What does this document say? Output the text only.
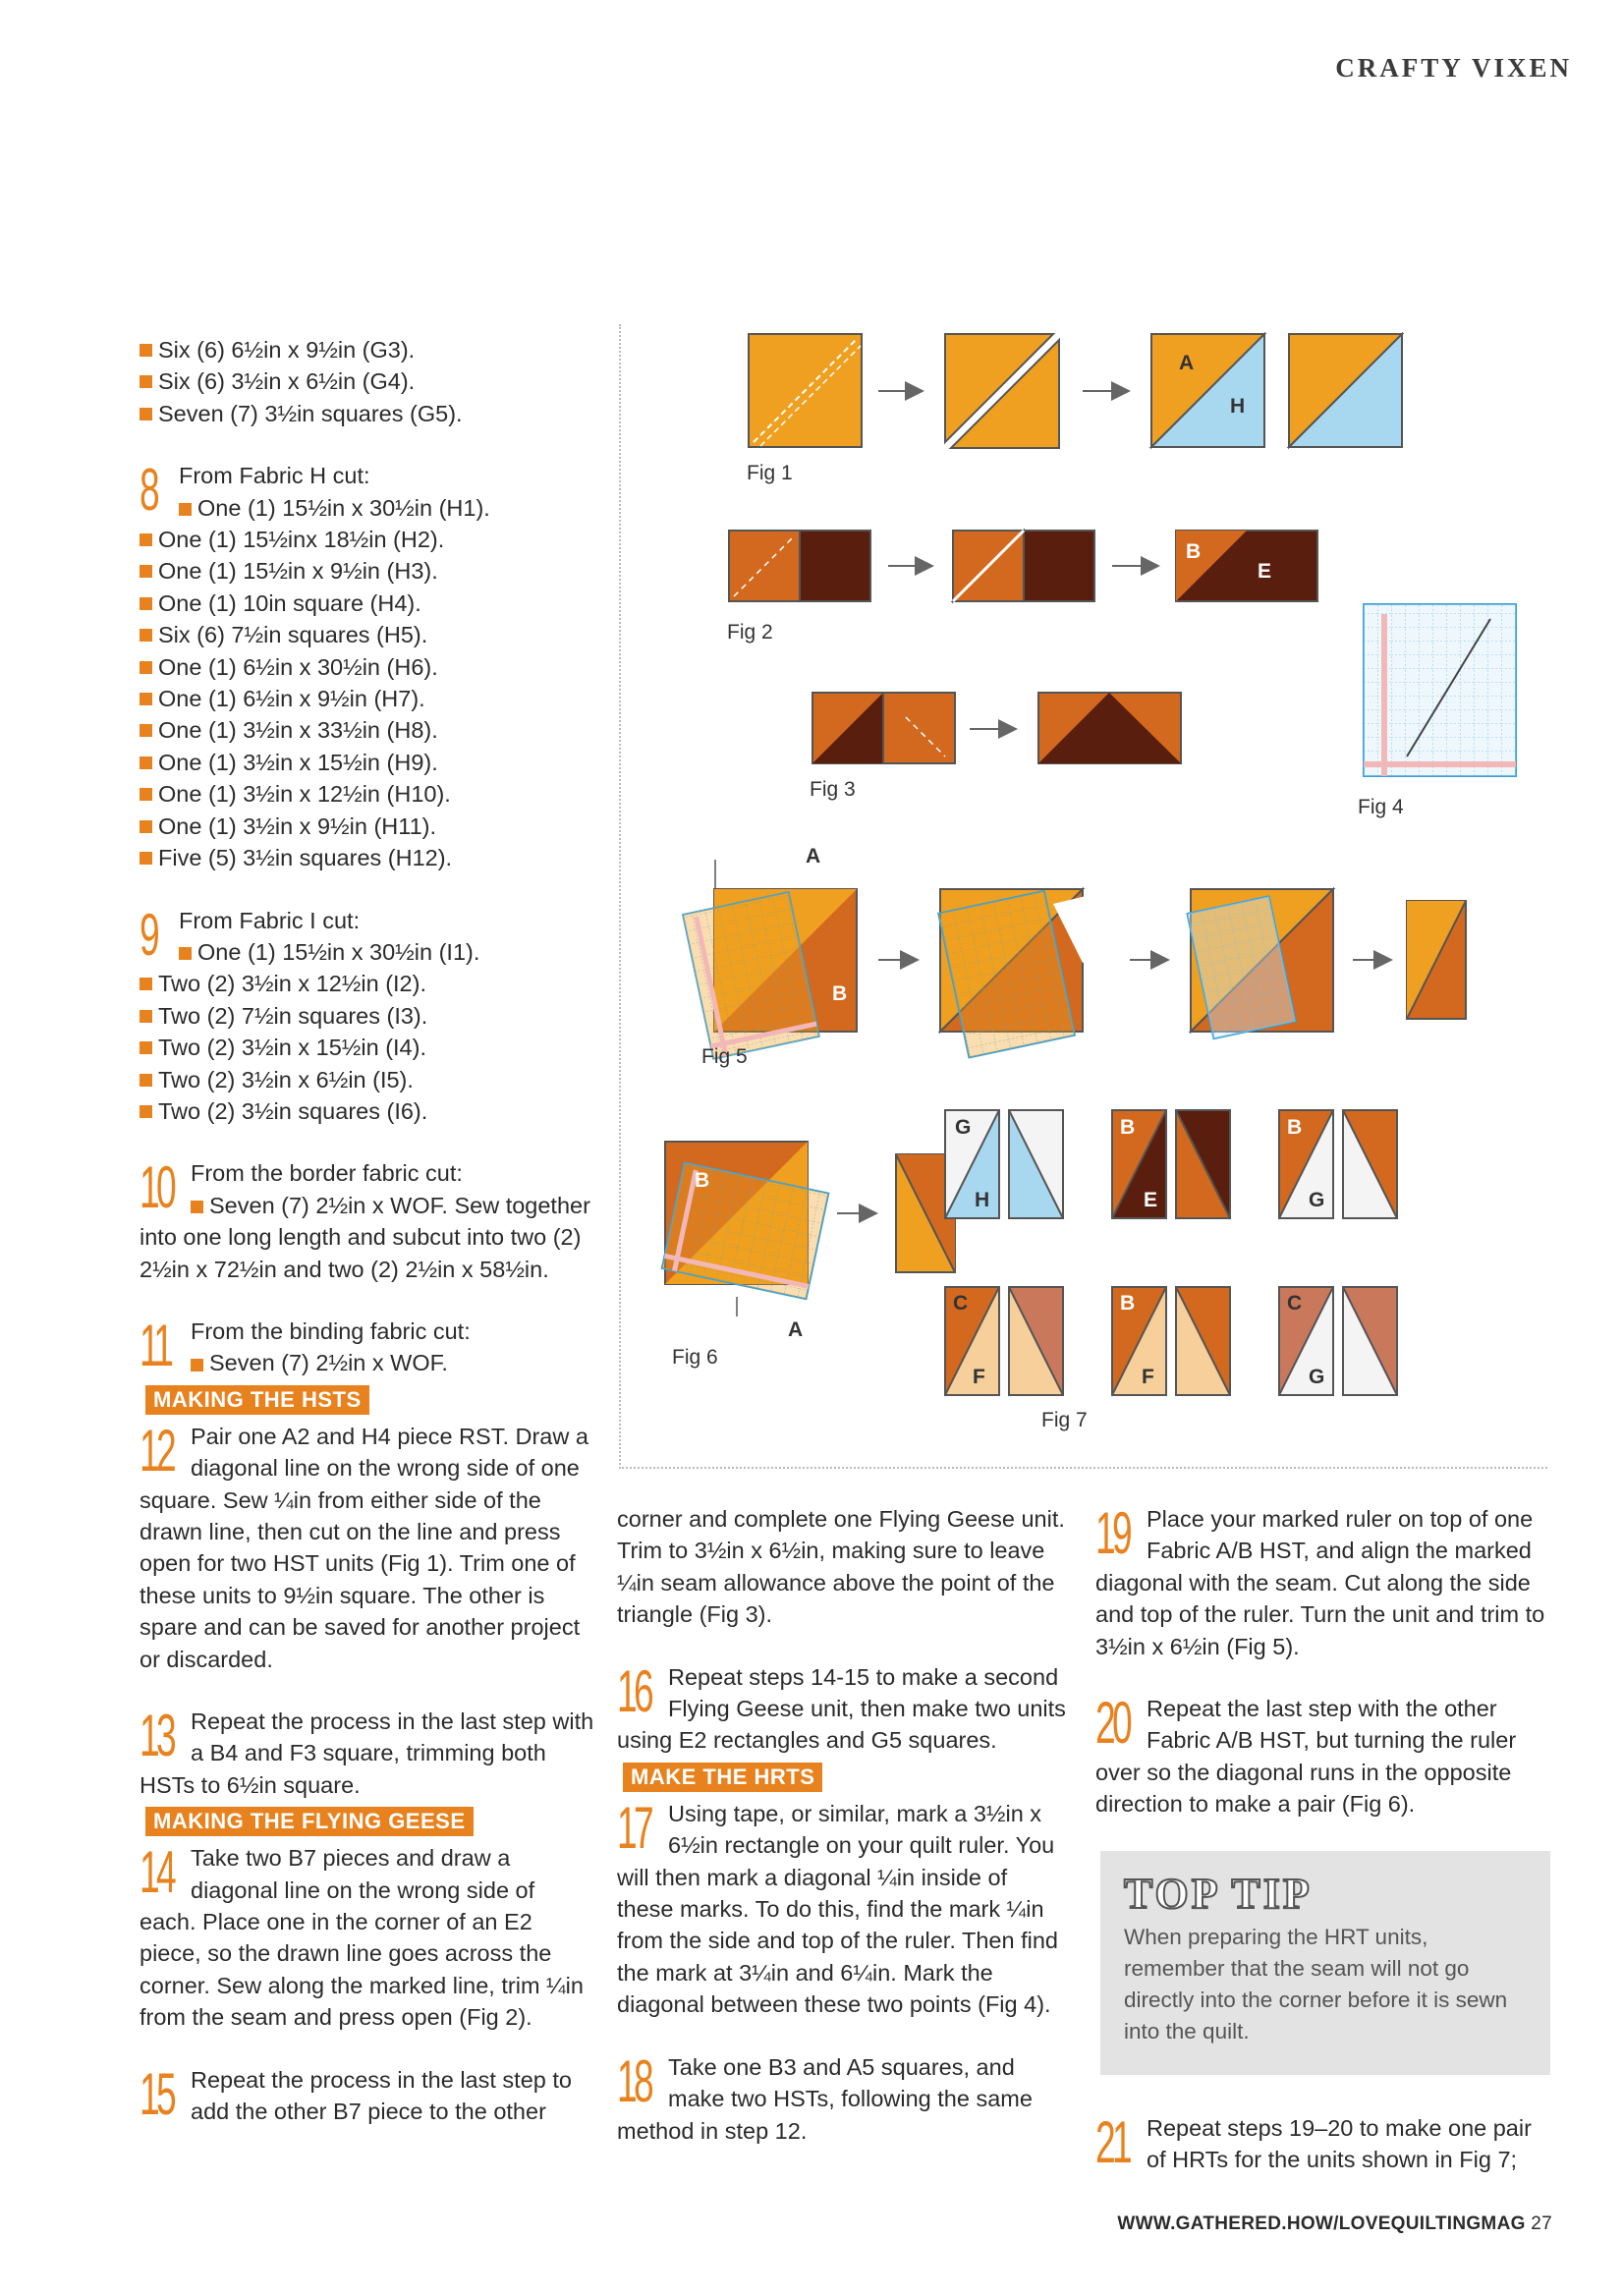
CRAFTY VIXEN
Six (6) 6½in x 9½in (G3).
Six (6) 3½in x 6½in (G4).
Seven (7) 3½in squares (G5).
8 From Fabric H cut:
One (1) 15½in x 30½in (H1).
One (1) 15½inx 18½in (H2).
One (1) 15½in x 9½in (H3).
One (1) 10in square (H4).
Six (6) 7½in squares (H5).
One (1) 6½in x 30½in (H6).
One (1) 6½in x 9½in (H7).
One (1) 3½in x 33½in (H8).
One (1) 3½in x 15½in (H9).
One (1) 3½in x 12½in (H10).
One (1) 3½in x 9½in (H11).
Five (5) 3½in squares (H12).
9 From Fabric I cut:
One (1) 15½in x 30½in (I1).
Two (2) 3½in x 12½in (I2).
Two (2) 7½in squares (I3).
Two (2) 3½in x 15½in (I4).
Two (2) 3½in x 6½in (I5).
Two (2) 3½in squares (I6).
10 From the border fabric cut:
Seven (7) 2½in x WOF. Sew together
into one long length and subcut into two (2) 2½in x 72½in and two (2) 2½in x 58½in.
11 From the binding fabric cut:
Seven (7) 2½in x WOF.
MAKING THE HSTS
12 Pair one A2 and H4 piece RST. Draw a diagonal line on the wrong side of one square. Sew ¼in from either side of the drawn line, then cut on the line and press open for two HST units (Fig 1). Trim one of these units to 9½in square. The other is spare and can be saved for another project or discarded.
13 Repeat the process in the last step with a B4 and F3 square, trimming both HSTs to 6½in square.
MAKING THE FLYING GEESE
14 Take two B7 pieces and draw a diagonal line on the wrong side of each. Place one in the corner of an E2 piece, so the drawn line goes across the corner. Sew along the marked line, trim ¼in from the seam and press open (Fig 2).
15 Repeat the process in the last step to add the other B7 piece to the other
A
H
B
E
A
B
B
A
G
H
B
E
B
G
C
F
B
F
C
G
Fig 1
Fig 2
Fig 3
Fig 4
Fig 5
Fig 6
Fig 7
corner and complete one Flying Geese unit. Trim to 3½in x 6½in, making sure to leave ¼in seam allowance above the point of the triangle (Fig 3).
16 Repeat steps 14-15 to make a second Flying Geese unit, then make two units using E2 rectangles and G5 squares.
MAKE THE HRTS
17 Using tape, or similar, mark a 3½in x 6½in rectangle on your quilt ruler. You will then mark a diagonal ¼in inside of these marks. To do this, find the mark ¼in from the side and top of the ruler. Then find the mark at 3¼in and 6¼in. Mark the diagonal between these two points (Fig 4).
18 Take one B3 and A5 squares, and make two HSTs, following the same method in step 12.
19 Place your marked ruler on top of one Fabric A/B HST, and align the marked diagonal with the seam. Cut along the side and top of the ruler. Turn the unit and trim to 3½in x 6½in (Fig 5).
20 Repeat the last step with the other Fabric A/B HST, but turning the ruler over so the diagonal runs in the opposite direction to make a pair (Fig 6).
TOP TIP
When preparing the HRT units, remember that the seam will not go directly into the corner before it is sewn into the quilt.
21 Repeat steps 19–20 to make one pair of HRTs for the units shown in Fig 7;
WWW.GATHERED.HOW/LOVEQUILTINGMAG 27
